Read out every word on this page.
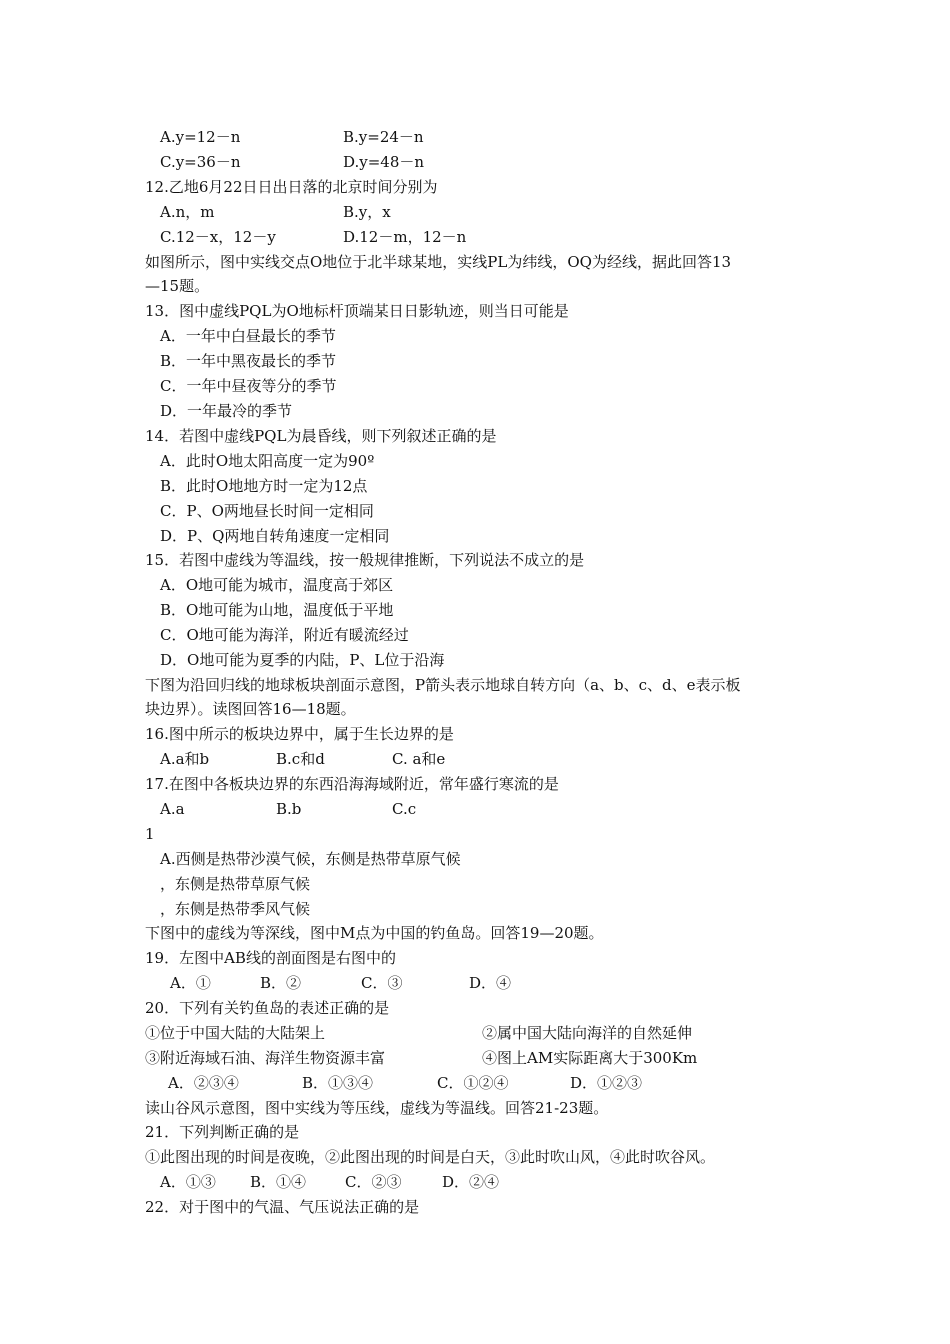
A.y=12－n	B.y=24－n
C.y=36－n	D.y=48－n
12.乙地6月22日日出日落的北京时间分别为
A.n，m	B.y，x
C.12－x，12－y	D.12－m，12－n
如图所示，图中实线交点O地位于北半球某地，实线PL为纬线，OQ为经线，据此回答13
—15题。
13．图中虚线PQL为O地标杆顶端某日日影轨迹，则当日可能是
A．一年中白昼最长的季节
B．一年中黑夜最长的季节
C．一年中昼夜等分的季节
D．一年最冷的季节
14．若图中虚线PQL为晨昏线，则下列叙述正确的是
A．此时O地太阳高度一定为90º
B．此时O地地方时一定为12点
C．P、O两地昼长时间一定相同
D．P、Q两地自转角速度一定相同
15．若图中虚线为等温线，按一般规律推断，下列说法不成立的是
A．O地可能为城市，温度高于郊区
B．O地可能为山地，温度低于平地
C．O地可能为海洋，附近有暖流经过
D．O地可能为夏季的内陆，P、L位于沿海
下图为沿回归线的地球板块剖面示意图，P箭头表示地球自转方向（a、b、c、d、e表示板
块边界）。读图回答16—18题。
16.图中所示的板块边界中，属于生长边界的是
A.a和b	B.c和d	C. a和e
17.在图中各板块边界的东西沿海海域附近，常年盛行寒流的是
A.a	B.b	C.c
1
A.西侧是热带沙漠气候，东侧是热带草原气候
，东侧是热带草原气候
，东侧是热带季风气候
下图中的虚线为等深线，图中M点为中国的钓鱼岛。回答19—20题。
19．左图中AB线的剖面图是右图中的
A．①	B．②	C．③	D．④
20．下列有关钓鱼岛的表述正确的是
①位于中国大陆的大陆架上	②属中国大陆向海洋的自然延伸
③附近海域石油、海洋生物资源丰富	④图上AM实际距离大于300Km
A．②③④	B．①③④	C．①②④	D．①②③
读山谷风示意图，图中实线为等压线，虚线为等温线。回答21-23题。
21．下列判断正确的是
①此图出现的时间是夜晚，②此图出现的时间是白天，③此时吹山风，④此时吹谷风。
A．①③ B．①④	C．②③	D．②④
22．对于图中的气温、气压说法正确的是
